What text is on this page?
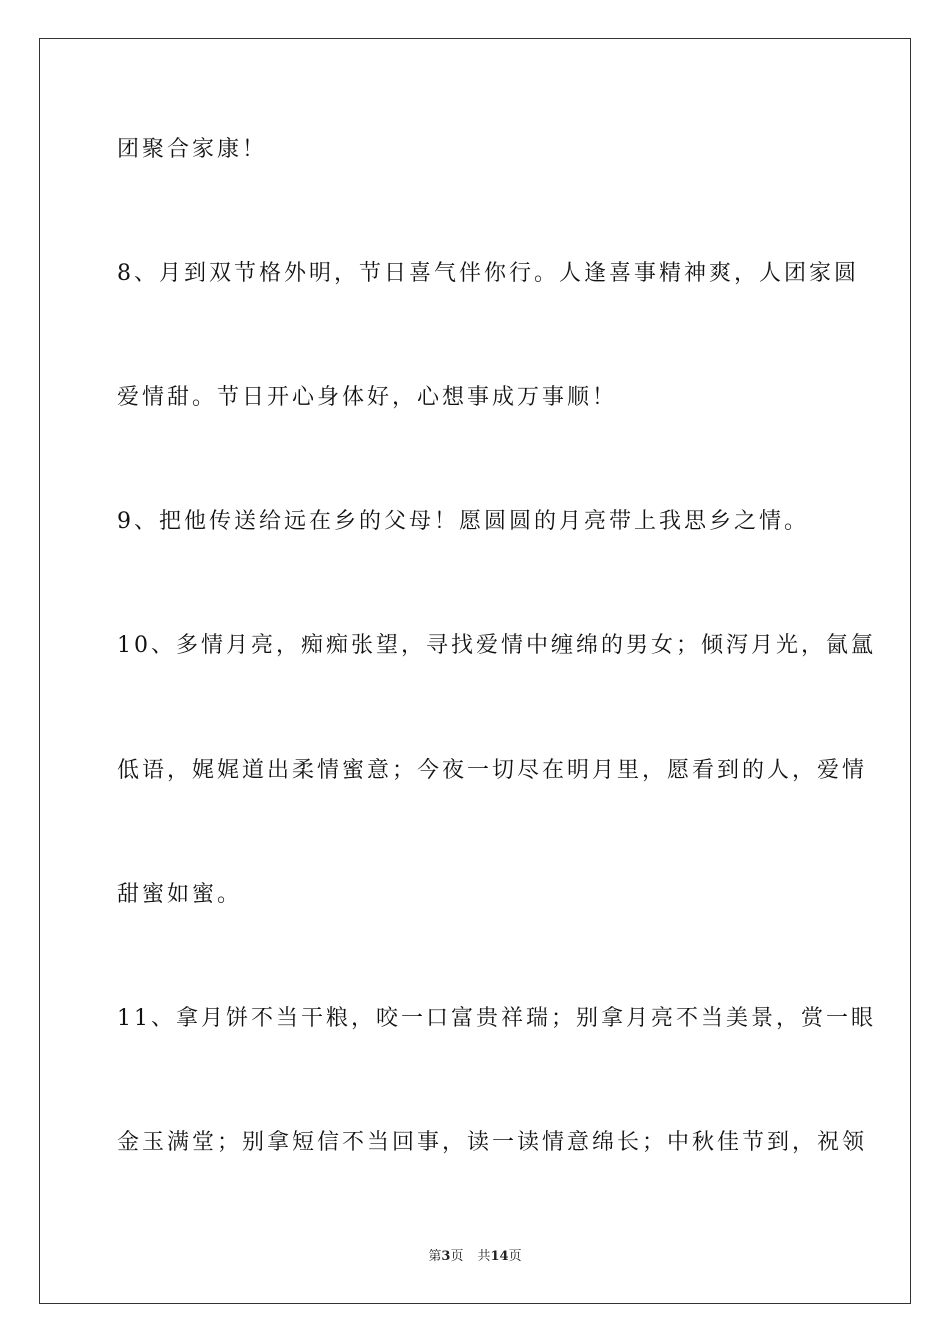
团聚合家康！
8、月到双节格外明，节日喜气伴你行。人逢喜事精神爽，人团家圆
爱情甜。节日开心身体好，心想事成万事顺！
9、把他传送给远在乡的父母！愿圆圆的月亮带上我思乡之情。
10、多情月亮，痴痴张望，寻找爱情中缠绵的男女；倾泻月光，氤氲
低语，娓娓道出柔情蜜意；今夜一切尽在明月里，愿看到的人，爱情
甜蜜如蜜。
11、拿月饼不当干粮，咬一口富贵祥瑞；别拿月亮不当美景，赏一眼
金玉满堂；别拿短信不当回事，读一读情意绵长；中秋佳节到，祝领
第3页 共14页
